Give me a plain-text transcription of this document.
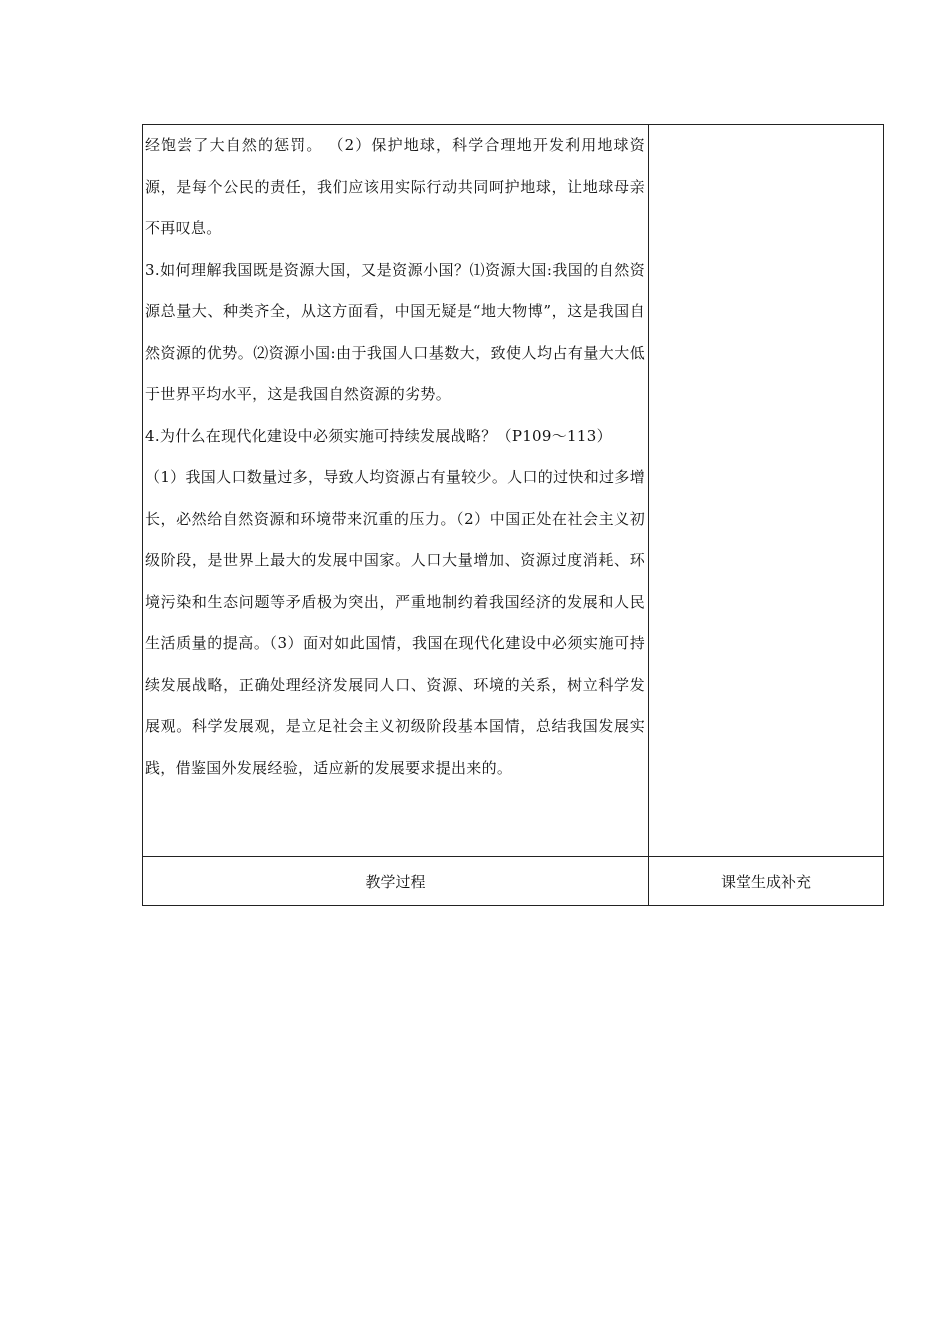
经饱尝了大自然的惩罚。 （2）保护地球，科学合理地开发利用地球资源，是每个公民的责任，我们应该用实际行动共同呵护地球，让地球母亲不再叹息。

3.如何理解我国既是资源大国，又是资源小国？⑴资源大国:我国的自然资源总量大、种类齐全，从这方面看，中国无疑是“地大物博”，这是我国自然资源的优势。⑵资源小国:由于我国人口基数大，致使人均占有量大大低于世界平均水平，这是我国自然资源的劣势。

4.为什么在现代化建设中必须实施可持续发展战略？（P109～113）

（1）我国人口数量过多，导致人均资源占有量较少。人口的过快和过多增长，必然给自然资源和环境带来沉重的压力。（2）中国正处在社会主义初级阶段，是世界上最大的发展中国家。人口大量增加、资源过度消耗、环境污染和生态问题等矛盾极为突出，严重地制约着我国经济的发展和人民生活质量的提高。（3）面对如此国情，我国在现代化建设中必须实施可持续发展战略，正确处理经济发展同人口、资源、环境的关系，树立科学发展观。科学发展观，是立足社会主义初级阶段基本国情，总结我国发展实践，借鉴国外发展经验，适应新的发展要求提出来的。

教学过程	课堂生成补充
